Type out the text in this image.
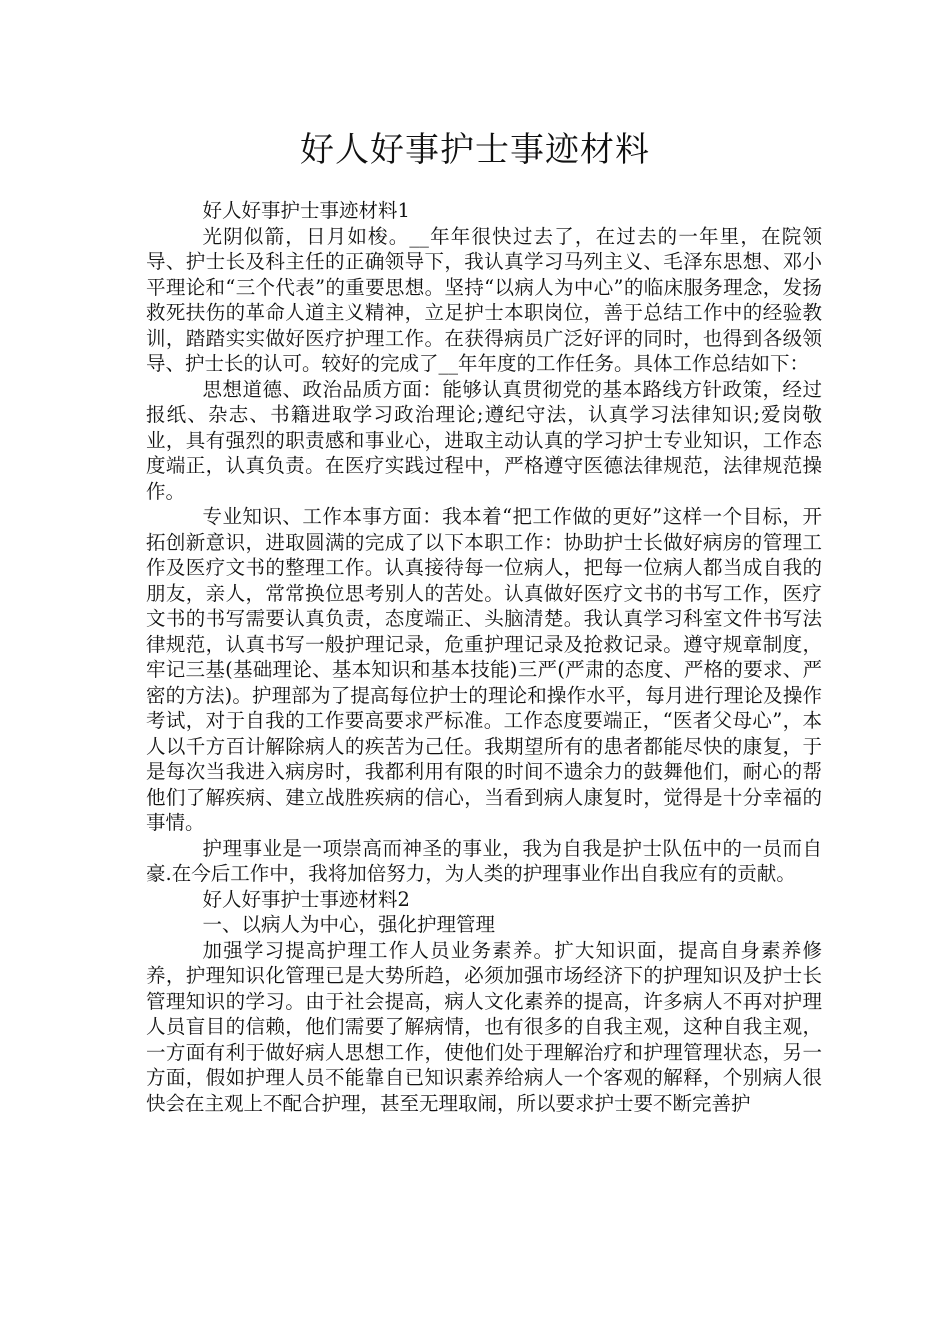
好人好事护士事迹材料

好人好事护士事迹材料1

光阴似箭，日月如梭。__年年很快过去了，在过去的一年里，在院领导、护士长及科主任的正确领导下，我认真学习马列主义、毛泽东思想、邓小平理论和“三个代表”的重要思想。坚持“以病人为中心”的临床服务理念，发扬救死扶伤的革命人道主义精神，立足护士本职岗位，善于总结工作中的经验教训，踏踏实实做好医疗护理工作。在获得病员广泛好评的同时，也得到各级领导、护士长的认可。较好的完成了__年年度的工作任务。具体工作总结如下：

思想道德、政治品质方面：能够认真贯彻党的基本路线方针政策，经过报纸、杂志、书籍进取学习政治理论;遵纪守法，认真学习法律知识;爱岗敬业，具有强烈的职责感和事业心，进取主动认真的学习护士专业知识，工作态度端正，认真负责。在医疗实践过程中，严格遵守医德法律规范，法律规范操作。

专业知识、工作本事方面：我本着“把工作做的更好”这样一个目标，开拓创新意识，进取圆满的完成了以下本职工作：协助护士长做好病房的管理工作及医疗文书的整理工作。认真接待每一位病人，把每一位病人都当成自我的朋友，亲人，常常换位思考别人的苦处。认真做好医疗文书的书写工作，医疗文书的书写需要认真负责，态度端正、头脑清楚。我认真学习科室文件书写法律规范，认真书写一般护理记录，危重护理记录及抢救记录。遵守规章制度，牢记三基(基础理论、基本知识和基本技能)三严(严肃的态度、严格的要求、严密的方法)。护理部为了提高每位护士的理论和操作水平，每月进行理论及操作考试，对于自我的工作要高要求严标准。工作态度要端正，“医者父母心”，本人以千方百计解除病人的疾苦为己任。我期望所有的患者都能尽快的康复，于是每次当我进入病房时，我都利用有限的时间不遗余力的鼓舞他们，耐心的帮他们了解疾病、建立战胜疾病的信心，当看到病人康复时，觉得是十分幸福的事情。

护理事业是一项崇高而神圣的事业，我为自我是护士队伍中的一员而自豪.在今后工作中，我将加倍努力，为人类的护理事业作出自我应有的贡献。

好人好事护士事迹材料2

一、以病人为中心，强化护理管理

加强学习提高护理工作人员业务素养。扩大知识面，提高自身素养修养，护理知识化管理已是大势所趋，必须加强市场经济下的护理知识及护士长管理知识的学习。由于社会提高，病人文化素养的提高，许多病人不再对护理人员盲目的信赖，他们需要了解病情，也有很多的自我主观，这种自我主观，一方面有利于做好病人思想工作，使他们处于理解治疗和护理管理状态，另一方面，假如护理人员不能靠自已知识素养给病人一个客观的解释，个别病人很快会在主观上不配合护理，甚至无理取闹，所以要求护士要不断完善护
